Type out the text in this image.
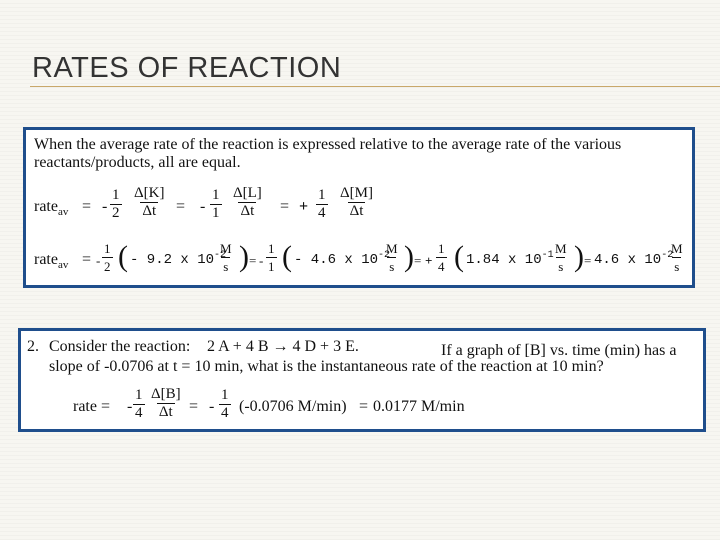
RATES OF REACTION
When the average rate of the reaction is expressed relative to the average rate of the various
reactants/products, all are equal.
rate$_{av}$ = - $\frac{1}{2} \frac{\Delta[K]}{\Delta t}$ = - $\frac{1}{1} \frac{\Delta[L]}{\Delta t}$ = + $\frac{1}{4} \frac{\Delta[M]}{\Delta t}$
rate$_{av}$ = - $\frac{1}{2}$ ( - 9.2 x $10^{-2}$
$\frac{M}{s}$ ) = - $\frac{1}{1}$ ( - 4.6 x $10^{-2}$
$\frac{M}{s}$ ) = + $\frac{1}{4}$ ( 1.84 x $10^{-1} \frac{M}{s}$ ) = 4.6 x $10^{-2}$
$\frac{M}{s}$
2. Consider the reaction: 2 A + 4 B → 4 D + 3 E.	If a graph of [B] vs. time (min) has a
slope of -0.0706 at t = 10 min, what is the instantaneous rate of the reaction at 10 min?
rate = - $\frac{1}{4} \frac{\Delta[B]}{\Delta t}$ = - $\frac{1}{4} (-0.0706$ M/min) = 0.0177 M/min
